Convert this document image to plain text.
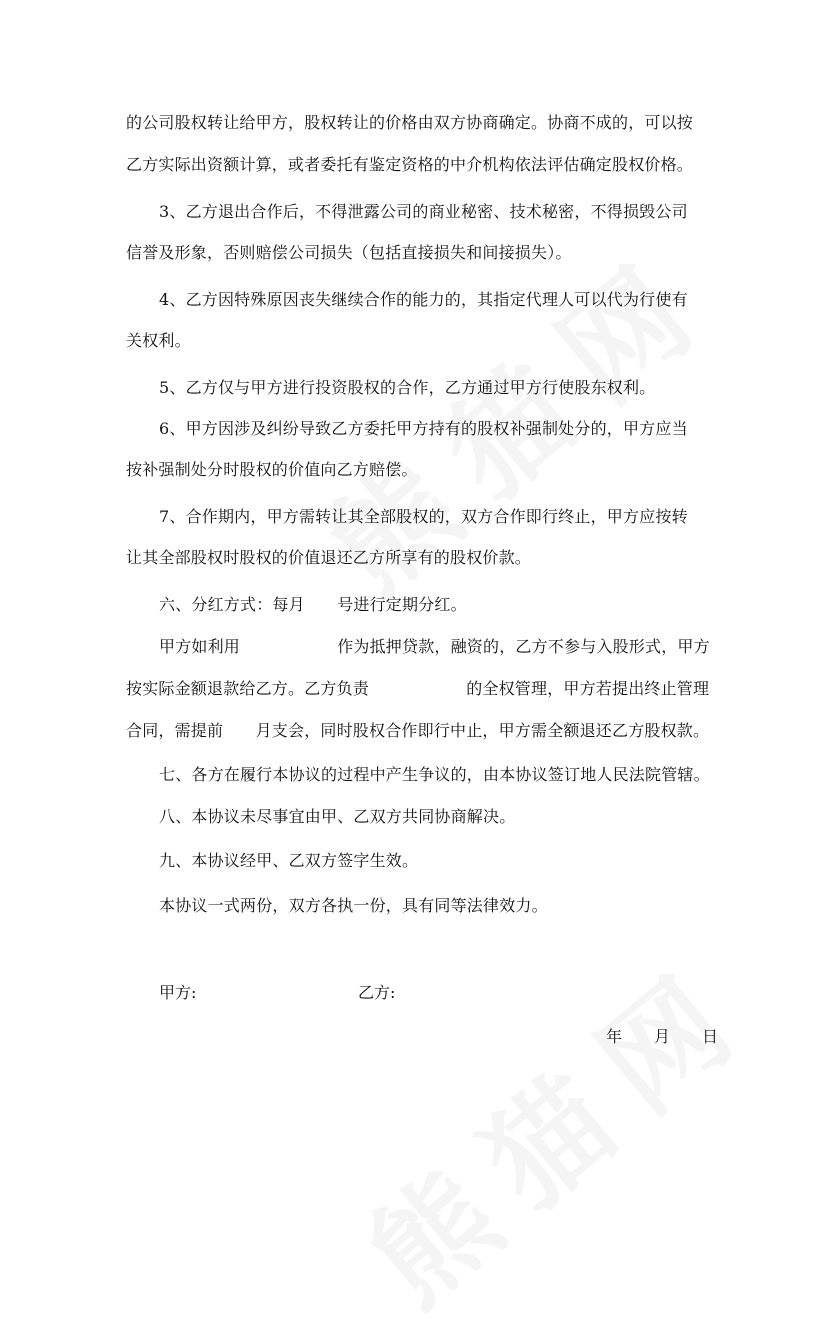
的公司股权转让给甲方，股权转让的价格由双方协商确定。协商不成的，可以按
乙方实际出资额计算，或者委托有鉴定资格的中介机构依法评估确定股权价格。
3、乙方退出合作后，不得泄露公司的商业秘密、技术秘密，不得损毁公司
信誉及形象，否则赔偿公司损失（包括直接损失和间接损失）。
4、乙方因特殊原因丧失继续合作的能力的，其指定代理人可以代为行使有
关权利。
5、乙方仅与甲方进行投资股权的合作，乙方通过甲方行使股东权利。
6、甲方因涉及纠纷导致乙方委托甲方持有的股权补强制处分的，甲方应当
按补强制处分时股权的价值向乙方赔偿。
7、合作期内，甲方需转让其全部股权的，双方合作即行终止，甲方应按转
让其全部股权时股权的价值退还乙方所享有的股权价款。
六、分红方式：每月　　号进行定期分红。
甲方如利用　　　　　　作为抵押贷款，融资的，乙方不参与入股形式，甲方
按实际金额退款给乙方。乙方负责　　　　　　的全权管理，甲方若提出终止管理
合同，需提前　　月支会，同时股权合作即行中止，甲方需全额退还乙方股权款。
七、各方在履行本协议的过程中产生争议的，由本协议签订地人民法院管辖。
八、本协议未尽事宜由甲、乙双方共同协商解决。
九、本协议经甲、乙双方签字生效。
本协议一式两份，双方各执一份，具有同等法律效力。
甲方:	乙方:
年　　月　　日
